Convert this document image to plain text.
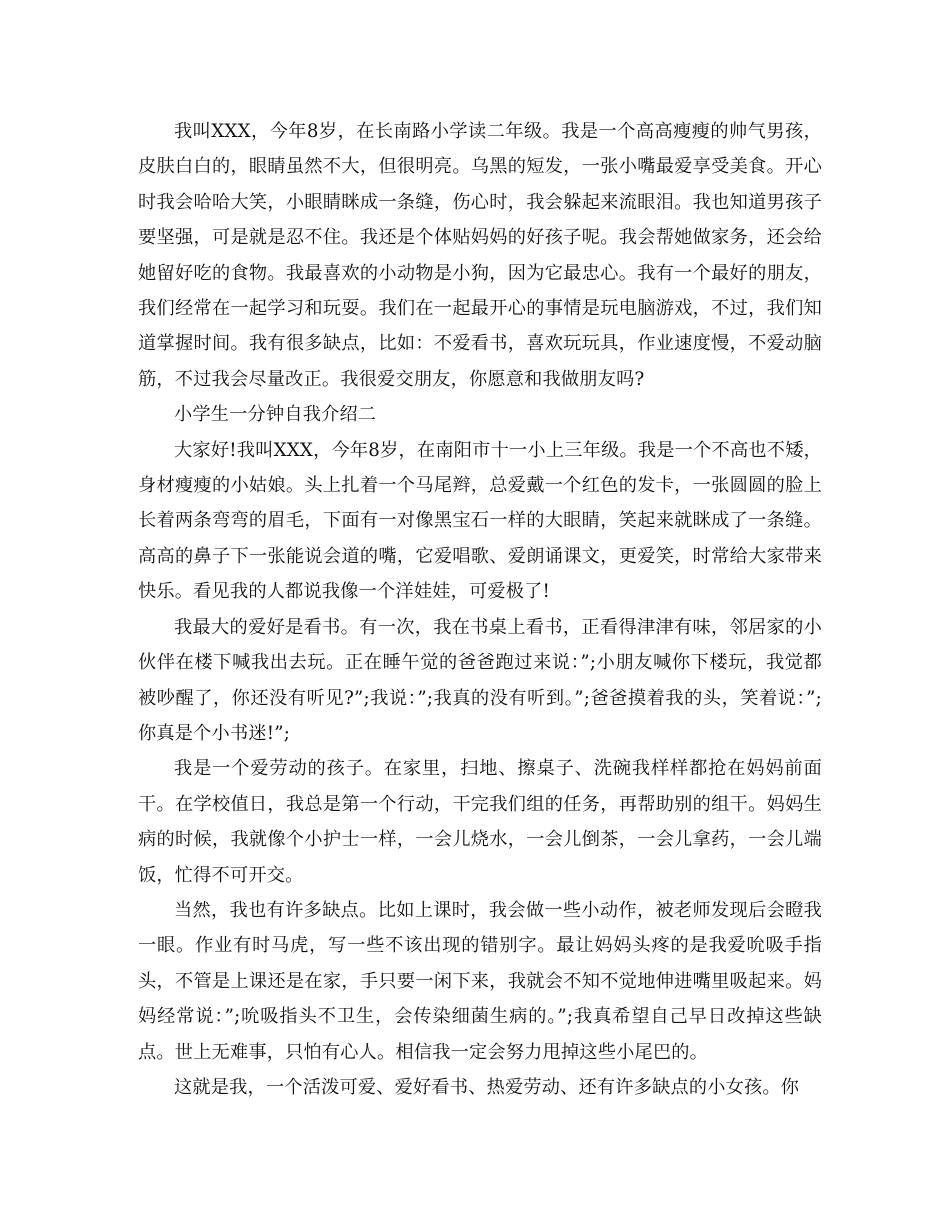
我叫XXX，今年8岁，在长南路小学读二年级。我是一个高高瘦瘦的帅气男孩，皮肤白白的，眼睛虽然不大，但很明亮。乌黑的短发，一张小嘴最爱享受美食。开心时我会哈哈大笑，小眼睛眯成一条缝，伤心时，我会躲起来流眼泪。我也知道男孩子要坚强，可是就是忍不住。我还是个体贴妈妈的好孩子呢。我会帮她做家务，还会给她留好吃的食物。我最喜欢的小动物是小狗，因为它最忠心。我有一个最好的朋友，我们经常在一起学习和玩耍。我们在一起最开心的事情是玩电脑游戏，不过，我们知道掌握时间。我有很多缺点，比如：不爱看书，喜欢玩玩具，作业速度慢，不爱动脑筋，不过我会尽量改正。我很爱交朋友，你愿意和我做朋友吗?

小学生一分钟自我介绍二

大家好!我叫XXX，今年8岁，在南阳市十一小上三年级。我是一个不高也不矮，身材瘦瘦的小姑娘。头上扎着一个马尾辫，总爱戴一个红色的发卡，一张圆圆的脸上长着两条弯弯的眉毛，下面有一对像黑宝石一样的大眼睛，笑起来就眯成了一条缝。高高的鼻子下一张能说会道的嘴，它爱唱歌、爱朗诵课文，更爱笑，时常给大家带来快乐。看见我的人都说我像一个洋娃娃，可爱极了!

我最大的爱好是看书。有一次，我在书桌上看书，正看得津津有味，邻居家的小伙伴在楼下喊我出去玩。正在睡午觉的爸爸跑过来说：”;小朋友喊你下楼玩，我觉都被吵醒了，你还没有听见?”;我说：”;我真的没有听到。”;爸爸摸着我的头，笑着说：”;你真是个小书迷!”;

我是一个爱劳动的孩子。在家里，扫地、擦桌子、洗碗我样样都抢在妈妈前面干。在学校值日，我总是第一个行动，干完我们组的任务，再帮助别的组干。妈妈生病的时候，我就像个小护士一样，一会儿烧水，一会儿倒茶，一会儿拿药，一会儿端饭，忙得不可开交。

当然，我也有许多缺点。比如上课时，我会做一些小动作，被老师发现后会瞪我一眼。作业有时马虎，写一些不该出现的错别字。最让妈妈头疼的是我爱吮吸手指头，不管是上课还是在家，手只要一闲下来，我就会不知不觉地伸进嘴里吸起来。妈妈经常说：”;吮吸指头不卫生，会传染细菌生病的。”;我真希望自己早日改掉这些缺点。世上无难事，只怕有心人。相信我一定会努力甩掉这些小尾巴的。

这就是我，一个活泼可爱、爱好看书、热爱劳动、还有许多缺点的小女孩。你
